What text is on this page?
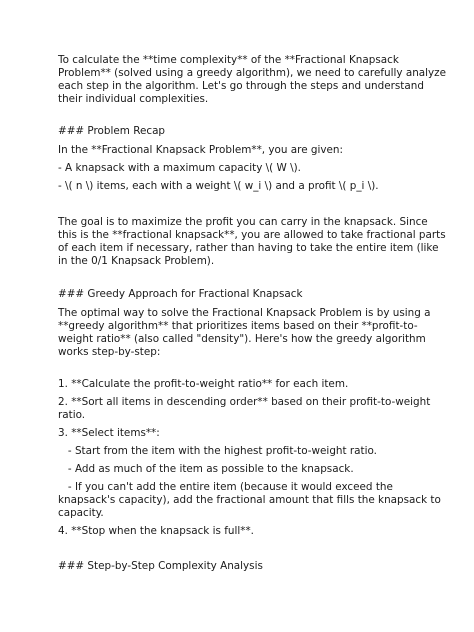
To calculate the **time complexity** of the **Fractional Knapsack
Problem** (solved using a greedy algorithm), we need to carefully analyze
each step in the algorithm. Let's go through the steps and understand
their individual complexities.
### Problem Recap
In the **Fractional Knapsack Problem**, you are given:
- A knapsack with a maximum capacity \( W \).
- \( n \) items, each with a weight \( w_i \) and a profit \( p_i \).
The goal is to maximize the profit you can carry in the knapsack. Since
this is the **fractional knapsack**, you are allowed to take fractional parts
of each item if necessary, rather than having to take the entire item (like
in the 0/1 Knapsack Problem).
### Greedy Approach for Fractional Knapsack
The optimal way to solve the Fractional Knapsack Problem is by using a
**greedy algorithm** that prioritizes items based on their **profit-to-
weight ratio** (also called "density"). Here's how the greedy algorithm
works step-by-step:
1. **Calculate the profit-to-weight ratio** for each item.
2. **Sort all items in descending order** based on their profit-to-weight
ratio.
3. **Select items**:
- Start from the item with the highest profit-to-weight ratio.
- Add as much of the item as possible to the knapsack.
- If you can't add the entire item (because it would exceed the
knapsack's capacity), add the fractional amount that fills the knapsack to
capacity.
4. **Stop when the knapsack is full**.
### Step-by-Step Complexity Analysis
